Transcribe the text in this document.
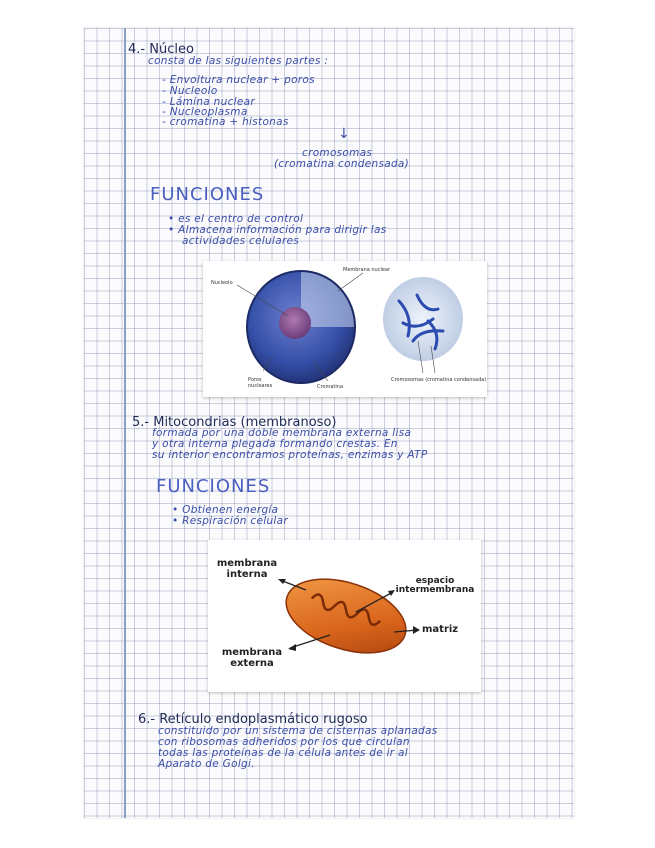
4.- Núcleo
consta de las siguientes partes :
- Envoltura nuclear + poros
- Nucleolo
- Lámina nuclear
- Nucleoplasma
- cromatina + histonas
↓
cromosomas
(cromatina condensada)
FUNCIONES
• es el centro de control
• Almacena información para dirigir las
actividades celulares
Nucleolo
Membrana nuclear
Poros nucleares	Cromatina
Cromosomas (cromatina condensada)
5.- Mitocondrias (membranoso)
formada por una doble membrana externa lisa
y otra interna plegada formando crestas. En
su interior encontramos proteínas, enzimas y ATP
FUNCIONES
• Obtienen energía
• Respiración celular
membrana interna
espacio intermembrana
matriz
membrana externa
6.- Retículo endoplasmático rugoso
constituido por un sistema de cisternas aplanadas
con ribosomas adheridos por los que circulan
todas las proteínas de la célula antes de ir al
Aparato de Golgi.
